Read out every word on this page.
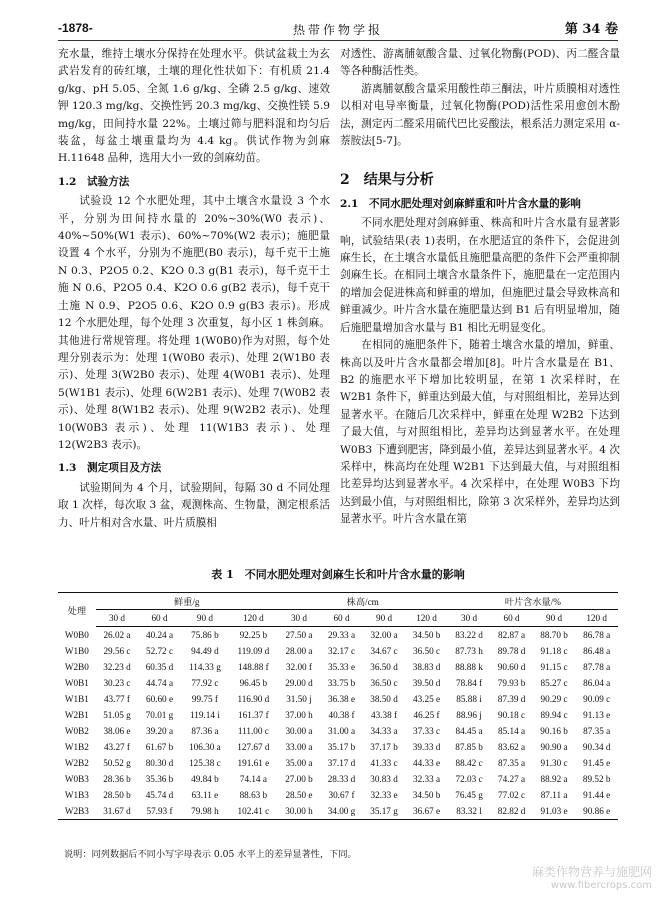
-1878-	热带作物学报	第 34 卷

充水量，维持土壤水分保持在处理水平。供试盆栽土为玄武岩发育的砖红壤，土壤的理化性状如下：有机质 21.4 g/kg、pH 5.05、全氮 1.6 g/kg、全磷 2.5 g/kg、速效钾 120.3 mg/kg、交换性钙 20.3 mg/kg、交换性镁 5.9 mg/kg，田间持水量 22%。土壤过筛与肥料混和均匀后装盆，每盆土壤重量均为 4.4 kg。供试作物为剑麻 H.11648 品种，选用大小一致的剑麻幼苗。

1.2　试验方法

试验设 12 个水肥处理，其中土壤含水量设 3 个水平，分别为田间持水量的 20%~30%(W0 表示)、40%~50%(W1 表示)、60%~70%(W2 表示)；施肥量设置 4 个水平，分别为不施肥(B0 表示)，每千克干土施 N 0.3、P2O5 0.2、K2O 0.3 g(B1 表示)，每千克干土施 N 0.6、P2O5 0.4、K2O 0.6 g(B2 表示)，每千克干土施 N 0.9、P2O5 0.6、K2O 0.9 g(B3 表示)。形成 12 个水肥处理，每个处理 3 次重复，每小区 1 株剑麻。其他进行常规管理。将处理 1(W0B0)作为对照，每个处理分别表示为：处理 1(W0B0 表示)、处理 2(W1B0 表示)、处理 3(W2B0 表示)、处理 4(W0B1 表示)、处理 5(W1B1 表示)、处理 6(W2B1 表示)、处理 7(W0B2 表示)、处理 8(W1B2 表示)、处理 9(W2B2 表示)、处理 10(W0B3 表示)、处理 11(W1B3 表示)、处理 12(W2B3 表示)。

1.3　测定项目及方法

试验期间为 4 个月，试验期间，每隔 30 d 不同处理取 1 次样，每次取 3 盆，观测株高、生物量，测定根系活力、叶片相对含水量、叶片质膜相

对透性、游离脯氨酸含量、过氧化物酶(POD)、丙二醛含量等各种酶活性类。

游离脯氨酸含量采用酸性茚三酮法，叶片质膜相对透性以相对电导率衡量，过氧化物酶(POD)活性采用愈创木酚法，测定丙二醛采用硫代巴比妥酸法，根系活力测定采用 α-萘胺法[5-7]。

2　结果与分析
2.1　不同水肥处理对剑麻鲜重和叶片含水量的影响

不同水肥处理对剑麻鲜重、株高和叶片含水量有显著影响，试验结果(表 1)表明，在水肥适宜的条件下，会促进剑麻生长，在土壤含水量低且施肥量高肥的条件下会严重抑制剑麻生长。在相同土壤含水量条件下，施肥量在一定范围内的增加会促进株高和鲜重的增加，但施肥过量会导致株高和鲜重减少。叶片含水量在施肥量达到 B1 后有明显增加，随后施肥量增加含水量与 B1 相比无明显变化。

在相同的施肥条件下，随着土壤含水量的增加，鲜重、株高以及叶片含水量都会增加[8]。叶片含水量是在 B1、B2 的施肥水平下增加比较明显，在第 1 次采样时，在 W2B1 条件下，鲜重达到最大值，与对照组相比，差异达到显著水平。在随后几次采样中，鲜重在处理 W2B2 下达到了最大值，与对照组相比，差异均达到显著水平。在处理 W0B3 下遭到肥害，降到最小值，差异达到显著水平。4 次采样中，株高均在处理 W2B1 下达到最大值，与对照组相比差异均达到显著水平。4 次采样中，在处理 W0B3 下均达到最小值，与对照组相比，除第 3 次采样外，差异均达到显著水平。叶片含水量在第

表 1　不同水肥处理对剑麻生长和叶片含水量的影响
处理	鲜重/g				株高/cm				叶片含水量/%			
	30 d	60 d	90 d	120 d	30 d	60 d	90 d	120 d	30 d	60 d	90 d	120 d
W0B0	26.02 a	40.24 a	75.86 b	92.25 b	27.50 a	29.33 a	32.00 a	34.50 b	83.22 d	82.87 a	88.70 b	86.78 a
W1B0	29.56 c	52.72 c	94.49 d	119.09 d	28.00 a	32.17 c	34.67 c	36.50 c	87.73 h	89.78 d	91.18 c	86.48 a
W2B0	32.23 d	60.35 d	114.33 g	148.88 f	32.00 f	35.33 e	36.50 d	38.83 d	88.88 k	90.60 d	91.15 c	87.78 a
W0B1	30.23 c	44.74 a	77.92 c	96.45 b	29.00 d	33.75 b	36.50 c	39.50 d	78.84 f	79.93 b	85.27 c	86.04 a
W1B1	43.77 f	60.60 e	99.75 f	116.90 d	31.50 j	36.38 e	38.50 d	43.25 e	85.88 i	87.39 d	90.29 c	90.09 c
W2B1	51.05 g	70.01 g	119.14 i	161.37 f	37.00 h	40.38 f	43.38 f	46.25 f	88.96 j	90.18 c	89.94 c	91.13 e
W0B2	38.06 e	39.20 a	87.36 a	111.00 c	30.00 a	31.00 a	34.33 a	37.33 c	84.45 a	85.14 a	90.16 b	87.35 a
W1B2	43.27 f	61.67 b	106.30 a	127.67 d	33.00 a	35.17 b	37.17 b	39.33 d	87.85 b	83.62 a	90.90 a	90.34 d
W2B2	50.52 g	80.30 d	125.38 c	191.61 e	35.00 a	37.17 d	41.33 c	44.33 e	88.42 c	87.35 a	91.30 c	91.45 e
W0B3	28.36 b	35.36 b	49.84 b	74.14 a	27.00 b	28.33 d	30.83 d	32.33 a	72.03 c	74.27 a	88.92 a	89.52 b
W1B3	28.50 b	45.74 d	63.11 e	88.63 b	28.50 e	30.67 f	32.33 e	34.50 b	76.45 g	77.02 c	87.11 a	91.44 e
W2B3	31.67 d	57.93 f	79.98 h	102.41 c	30.00 h	34.00 g	35.17 g	36.67 e	83.32 l	82.82 d	91.03 e	90.86 e
说明：同列数据后不同小写字母表示 0.05 水平上的差异显著性，下同。
麻类作物营养与施肥网
www.fibercrops.com
